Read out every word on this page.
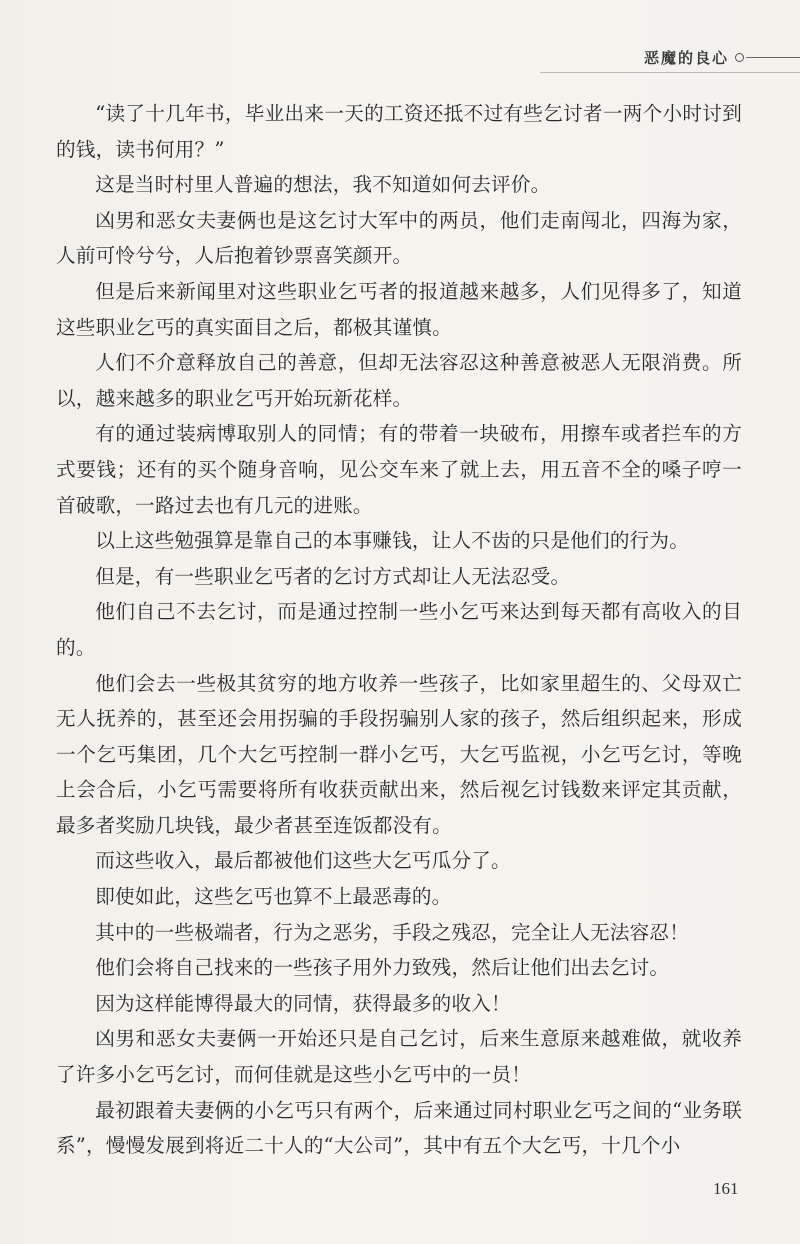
恶魔的良心

“读了十几年书，毕业出来一天的工资还抵不过有些乞讨者一两个小时讨到的钱，读书何用？”

这是当时村里人普遍的想法，我不知道如何去评价。

凶男和恶女夫妻俩也是这乞讨大军中的两员，他们走南闯北，四海为家，人前可怜兮兮，人后抱着钞票喜笑颜开。

但是后来新闻里对这些职业乞丐者的报道越来越多，人们见得多了，知道这些职业乞丐的真实面目之后，都极其谨慎。

人们不介意释放自己的善意，但却无法容忍这种善意被恶人无限消费。所以，越来越多的职业乞丐开始玩新花样。

有的通过装病博取别人的同情；有的带着一块破布，用擦车或者拦车的方式要钱；还有的买个随身音响，见公交车来了就上去，用五音不全的嗓子哼一首破歌，一路过去也有几元的进账。

以上这些勉强算是靠自己的本事赚钱，让人不齿的只是他们的行为。

但是，有一些职业乞丐者的乞讨方式却让人无法忍受。

他们自己不去乞讨，而是通过控制一些小乞丐来达到每天都有高收入的目的。

他们会去一些极其贫穷的地方收养一些孩子，比如家里超生的、父母双亡无人抚养的，甚至还会用拐骗的手段拐骗别人家的孩子，然后组织起来，形成一个乞丐集团，几个大乞丐控制一群小乞丐，大乞丐监视，小乞丐乞讨，等晚上会合后，小乞丐需要将所有收获贡献出来，然后视乞讨钱数来评定其贡献，最多者奖励几块钱，最少者甚至连饭都没有。

而这些收入，最后都被他们这些大乞丐瓜分了。

即使如此，这些乞丐也算不上最恶毒的。

其中的一些极端者，行为之恶劣，手段之残忍，完全让人无法容忍！

他们会将自己找来的一些孩子用外力致残，然后让他们出去乞讨。

因为这样能博得最大的同情，获得最多的收入！

凶男和恶女夫妻俩一开始还只是自己乞讨，后来生意原来越难做，就收养了许多小乞丐乞讨，而何佳就是这些小乞丐中的一员！

最初跟着夫妻俩的小乞丐只有两个，后来通过同村职业乞丐之间的“业务联系”，慢慢发展到将近二十人的“大公司”，其中有五个大乞丐，十几个小

161
